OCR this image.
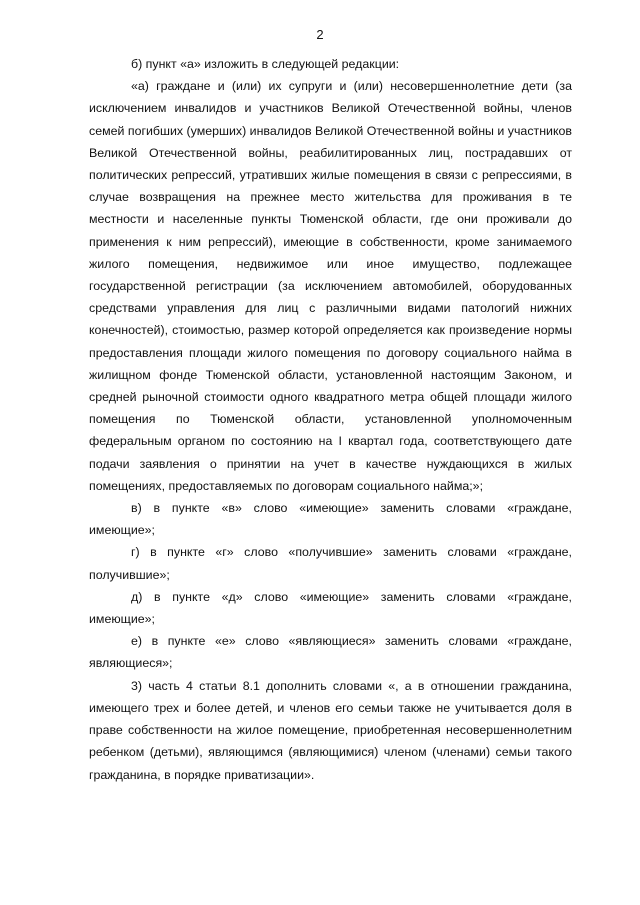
2

б) пункт «а» изложить в следующей редакции:

«а) граждане и (или) их супруги и (или) несовершеннолетние дети (за исключением инвалидов и участников Великой Отечественной войны, членов семей погибших (умерших) инвалидов Великой Отечественной войны и участников Великой Отечественной войны, реабилитированных лиц, пострадавших от политических репрессий, утративших жилые помещения в связи с репрессиями, в случае возвращения на прежнее место жительства для проживания в те местности и населенные пункты Тюменской области, где они проживали до применения к ним репрессий), имеющие в собственности, кроме занимаемого жилого помещения, недвижимое или иное имущество, подлежащее государственной регистрации (за исключением автомобилей, оборудованных средствами управления для лиц с различными видами патологий нижних конечностей), стоимостью, размер которой определяется как произведение нормы предоставления площади жилого помещения по договору социального найма в жилищном фонде Тюменской области, установленной настоящим Законом, и средней рыночной стоимости одного квадратного метра общей площади жилого помещения по Тюменской области, установленной уполномоченным федеральным органом по состоянию на I квартал года, соответствующего дате подачи заявления о принятии на учет в качестве нуждающихся в жилых помещениях, предоставляемых по договорам социального найма;»;

в) в пункте «в» слово «имеющие» заменить словами «граждане, имеющие»;

г) в пункте «г» слово «получившие» заменить словами «граждане, получившие»;

д) в пункте «д» слово «имеющие» заменить словами «граждане, имеющие»;

е) в пункте «е» слово «являющиеся» заменить словами «граждане, являющиеся»;

3) часть 4 статьи 8.1 дополнить словами «, а в отношении гражданина, имеющего трех и более детей, и членов его семьи также не учитывается доля в праве собственности на жилое помещение, приобретенная несовершеннолетним ребенком (детьми), являющимся (являющимися) членом (членами) семьи такого гражданина, в порядке приватизации».
